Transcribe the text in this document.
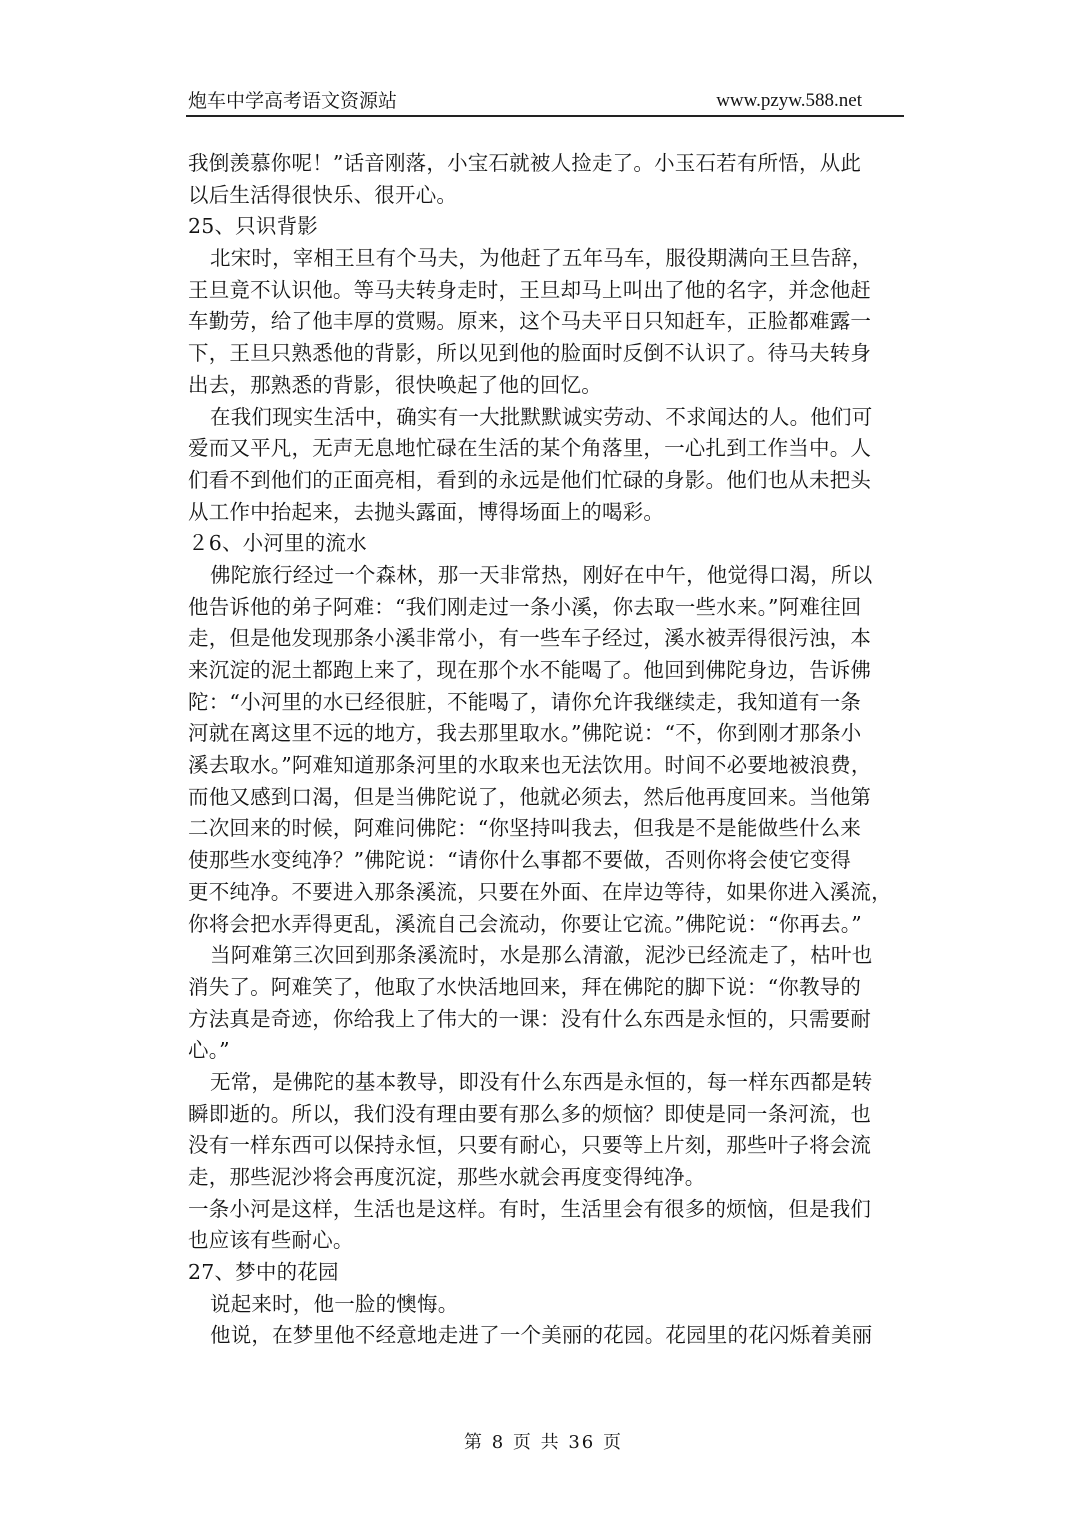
炮车中学高考语文资源站	www.pzyw.588.net
我倒羡慕你呢！”话音刚落，小宝石就被人捡走了。小玉石若有所悟，从此
以后生活得很快乐、很开心。
25、只识背影
北宋时，宰相王旦有个马夫，为他赶了五年马车，服役期满向王旦告辞，
王旦竟不认识他。等马夫转身走时，王旦却马上叫出了他的名字，并念他赶
车勤劳，给了他丰厚的赏赐。原来，这个马夫平日只知赶车，正脸都难露一
下，王旦只熟悉他的背影，所以见到他的脸面时反倒不认识了。待马夫转身
出去，那熟悉的背影，很快唤起了他的回忆。
在我们现实生活中，确实有一大批默默诚实劳动、不求闻达的人。他们可
爱而又平凡，无声无息地忙碌在生活的某个角落里，一心扎到工作当中。人
们看不到他们的正面亮相，看到的永远是他们忙碌的身影。他们也从未把头
从工作中抬起来，去抛头露面，博得场面上的喝彩。
２6、小河里的流水
佛陀旅行经过一个森林，那一天非常热，刚好在中午，他觉得口渴，所以
他告诉他的弟子阿难：“我们刚走过一条小溪，你去取一些水来。”阿难往回
走，但是他发现那条小溪非常小，有一些车子经过，溪水被弄得很污浊，本
来沉淀的泥土都跑上来了，现在那个水不能喝了。他回到佛陀身边，告诉佛
陀：“小河里的水已经很脏，不能喝了，请你允许我继续走，我知道有一条
河就在离这里不远的地方，我去那里取水。”佛陀说：“不，你到刚才那条小
溪去取水。”阿难知道那条河里的水取来也无法饮用。时间不必要地被浪费，
而他又感到口渴，但是当佛陀说了，他就必须去，然后他再度回来。当他第
二次回来的时候，阿难问佛陀：“你坚持叫我去，但我是不是能做些什么来
使那些水变纯净？”佛陀说：“请你什么事都不要做，否则你将会使它变得
更不纯净。不要进入那条溪流，只要在外面、在岸边等待，如果你进入溪流，
你将会把水弄得更乱，溪流自己会流动，你要让它流。”佛陀说：“你再去。”
当阿难第三次回到那条溪流时，水是那么清澈，泥沙已经流走了，枯叶也
消失了。阿难笑了，他取了水快活地回来，拜在佛陀的脚下说：“你教导的
方法真是奇迹，你给我上了伟大的一课：没有什么东西是永恒的，只需要耐
心。”
无常，是佛陀的基本教导，即没有什么东西是永恒的，每一样东西都是转
瞬即逝的。所以，我们没有理由要有那么多的烦恼？即使是同一条河流，也
没有一样东西可以保持永恒，只要有耐心，只要等上片刻，那些叶子将会流
走，那些泥沙将会再度沉淀，那些水就会再度变得纯净。
一条小河是这样，生活也是这样。有时，生活里会有很多的烦恼，但是我们
也应该有些耐心。
27、梦中的花园
说起来时，他一脸的懊悔。
他说，在梦里他不经意地走进了一个美丽的花园。花园里的花闪烁着美丽
第 8 页 共 36 页
